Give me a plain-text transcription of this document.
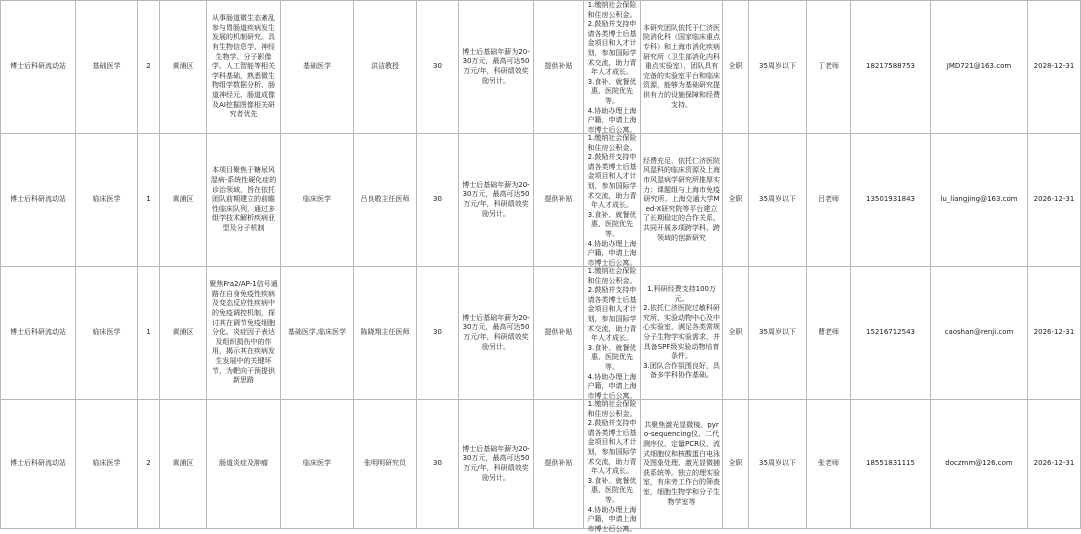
博士后科研流动站	基础医学	2	黄浦区	从事肠道微生态紊乱参与胃肠道疾病发生发展的机制研究。具有生物信息学、神经生物学、分子影像学、人工智能等相关学科基础，熟悉微生物组学数据分析、肠道神经元、肠道成像及AI挖掘图像相关研究者优先	基础医学	洪洁教授	30	博士后基础年薪为20-30万元，最高可达50万元/年，科研绩效奖励另计。	提供补贴	1.缴纳社会保险和住房公积金。
2.鼓励并支持申请各类博士后基金项目和人才计划，参加国际学术交流，助力青年人才成长。
3.食补、就餐优惠、医院优先等。
4.协助办理上海户籍，申请上海市博士后公寓。	本研究团队依托于仁济医院消化科（国家临床重点专科）和上海市消化疾病研究所（卫生部消化内科重点实验室），团队具有完备的实验室平台和临床资源，能够为基础研究提供有力的设施保障和经费支持。	全职	35周岁以下	丁老师	18217588753	JMD721@163.com	2028-12-31
博士后科研流动站	临床医学	1	黄浦区	本项目聚焦于糖尿风湿病-系统性硬化症的诊治领域，旨在依托团队前期建立的前瞻性临床队列，通过多组学技术解析疾病亚型及分子机制	临床医学	吕良敬主任医师	30	博士后基础年薪为20-30万元，最高可达50万元/年，科研绩效奖励另计。	提供补贴	1.缴纳社会保险和住房公积金。
2.鼓励并支持申请各类博士后基金项目和人才计划，参加国际学术交流，助力青年人才成长。
3.食补、就餐优惠、医院优先等。
4.协助办理上海户籍，申请上海市博士后公寓。	经费充足，依托仁济医院风湿科的临床资源及上海市风湿病学研究所推厚实力；课题组与上海市免疫研究所、上海交通大学Med-X研究院等平台建立了长期稳定的合作关系，共同开展多项跨学科、跨领域的创新研究	全职	35周岁以下	吕老师	13501931843	lu_liangjing@163.com	2026-12-31
博士后科研流动站	临床医学	1	黄浦区	聚焦Fra2/AP-1信号通路在自身免疫性疾病及变态反应性疾病中的免疫调控机制，探讨其在调节免疫细胞分化、炎症因子表达及组织损伤中的作用，揭示其在疾病发生发展中的关键环节，为靶向干预提供新思路	基础医学,临床医学	陈晓翔主任医师	30	博士后基础年薪为20-30万元，最高可达50万元/年，科研绩效奖励另计。	提供补贴	1.缴纳社会保险和住房公积金。
2.鼓励并支持申请各类博士后基金项目和人才计划，参加国际学术交流，助力青年人才成长。
3.食补、就餐优惠、医院优先等。
4.协助办理上海户籍，申请上海市博士后公寓。	1.科研经费支持100万元。
2.依托仁济医院过敏科研究所，实验动物中心及中心实验室，满足各类常规分子生物学实验需求，并具备SPF级实验动物培育条件。
3.团队合作氛围良好，具备多学科协作基础。	全职	35周岁以下	曹老师	15216712543	caoshan@renji.com	2026-12-31
博士后科研流动站	临床医学	2	黄浦区	肠道炎症及肿瘤	临床医学	张明明研究员	30	博士后基础年薪为20-30万元，最高可达50万元/年，科研绩效奖励另计。	提供补贴	1.缴纳社会保险和住房公积金。
2.鼓励并支持申请各类博士后基金项目和人才计划，参加国际学术交流，助力青年人才成长。
3.食补、就餐优惠、医院优先等。
4.协助办理上海户籍，申请上海市博士后公寓。	共聚焦激光显微镜、pyro-sequencing仪、二代测序仪、定量PCR仪、流式细胞仪和核酸蛋白电泳及图象处理、激光显微捕获系统等。独立的理实验室，有床旁工作台的筛查室，细胞生物学和分子生物学室等	全职	35周岁以下	张老师	18551831115	doczmm@126.com	2026-12-31
